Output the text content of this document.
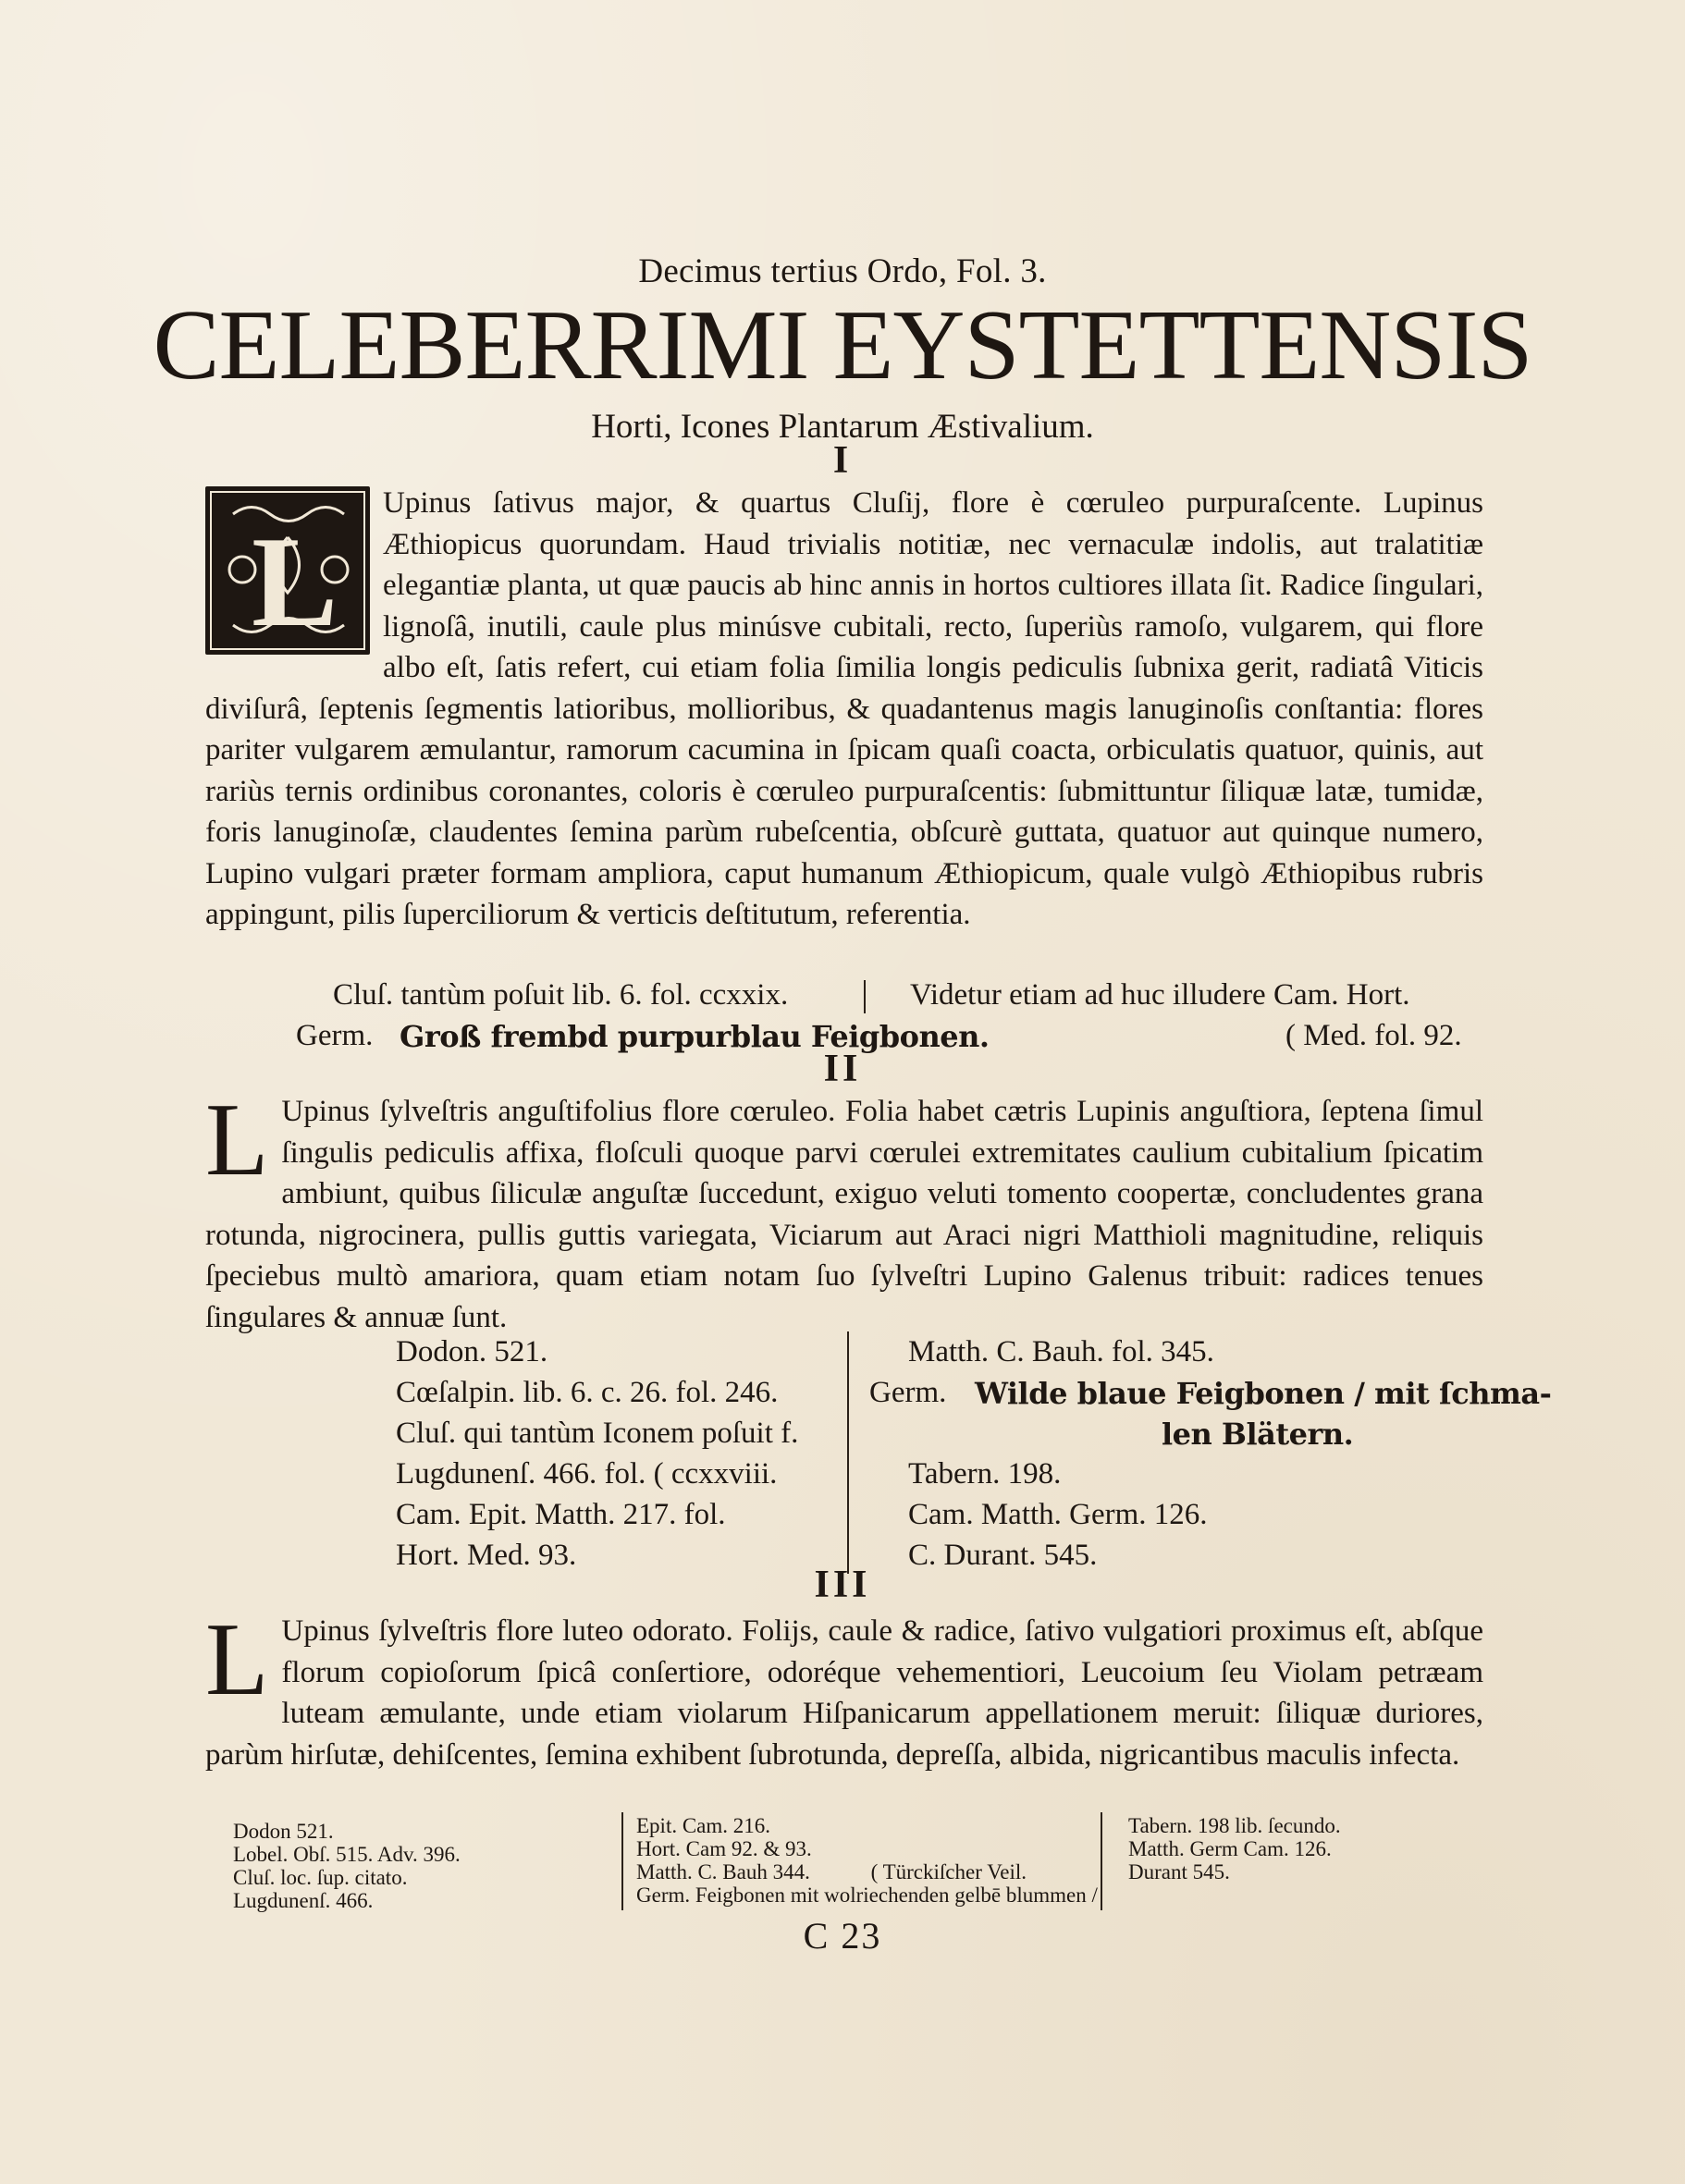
Decimus tertius Ordo, Fol. 3.
CELEBERRIMI EYSTETTENSIS
Horti, Icones Plantarum Æstivalium.
I
L
Upinus ſativus major, & quartus Cluſij, flore è cœruleo purpuraſcente. Lupinus Æthiopicus quorundam. Haud trivialis notitiæ, nec vernaculæ indolis, aut tralatitiæ elegantiæ planta, ut quæ paucis ab hinc annis in hortos cultiores illata ſit. Radice ſingulari, lignoſâ, inutili, caule plus minúsve cubitali, recto, ſuperiùs ramoſo, vulgarem, qui flore albo eſt, ſatis refert, cui etiam folia ſimilia longis pediculis ſubnixa gerit, radiatâ Viticis diviſurâ, ſeptenis ſegmentis latioribus, mollioribus, & quadantenus magis lanuginoſis conſtantia: flores pariter vulgarem æmulantur, ramorum cacumina in ſpicam quaſi coacta, orbiculatis quatuor, quinis, aut rariùs ternis ordinibus coronantes, coloris è cœruleo purpuraſcentis: ſubmittuntur ſiliquæ latæ, tumidæ, foris lanuginoſæ, claudentes ſemina parùm rubeſcentia, obſcurè guttata, quatuor aut quinque numero, Lupino vulgari præter formam ampliora, caput humanum Æthiopicum, quale vulgò Æthiopibus rubris appingunt, pilis ſuperciliorum & verticis deſtitutum, referentia.
Cluſ. tantùm poſuit lib. 6. fol. ccxxix.	Videtur etiam ad huc illudere Cam. Hort.
Germ. Groß frembd purpurblau Feigbonen.	( Med. fol. 92.
II
L Upinus ſylveſtris anguſtifolius flore cœruleo. Folia habet cætris Lupinis anguſtiora, ſeptena ſimul ſingulis pediculis affixa, floſculi quoque parvi cœrulei extremitates caulium cubitalium ſpicatim ambiunt, quibus ſiliculæ anguſtæ ſuccedunt, exiguo veluti tomento coopertæ, concludentes grana rotunda, nigrocinera, pullis guttis variegata, Viciarum aut Araci nigri Matthioli magnitudine, reliquis ſpeciebus multò amariora, quam etiam notam ſuo ſylveſtri Lupino Galenus tribuit: radices tenues ſingulares & annuæ ſunt.
Dodon. 521.
Cœſalpin. lib. 6. c. 26. fol. 246.
Cluſ. qui tantùm Iconem poſuit f.
Lugdunenſ. 466. fol. ( ccxxviii.
Cam. Epit. Matth. 217. fol.
Hort. Med. 93.
Matth. C. Bauh. fol. 345.
Germ. Wilde blaue Feigbonen / mit ſchma-
len Blätern.
Tabern. 198.
Cam. Matth. Germ. 126.
C. Durant. 545.
III
L Upinus ſylveſtris flore luteo odorato. Folijs, caule & radice, ſativo vulgatiori proximus eſt, abſque florum copioſorum ſpicâ conſertiore, odoréque vehementiori, Leucoium ſeu Violam petræam luteam æmulante, unde etiam violarum Hiſpanicarum appellationem meruit: ſiliquæ duriores, parùm hirſutæ, dehiſcentes, ſemina exhibent ſubrotunda, depreſſa, albida, nigricantibus maculis infecta.
Dodon 521.
Lobel. Obſ. 515. Adv. 396.
Cluſ. loc. ſup. citato.
Lugdunenſ. 466.
Epit. Cam. 216.
Hort. Cam 92. & 93.
Matth. C. Bauh 344.	( Türckiſcher Veil.
Germ. Feigbonen mit wolriechenden gelbē blummen /
Tabern. 198 lib. ſecundo.
Matth. Germ Cam. 126.
Durant 545.
C 23
